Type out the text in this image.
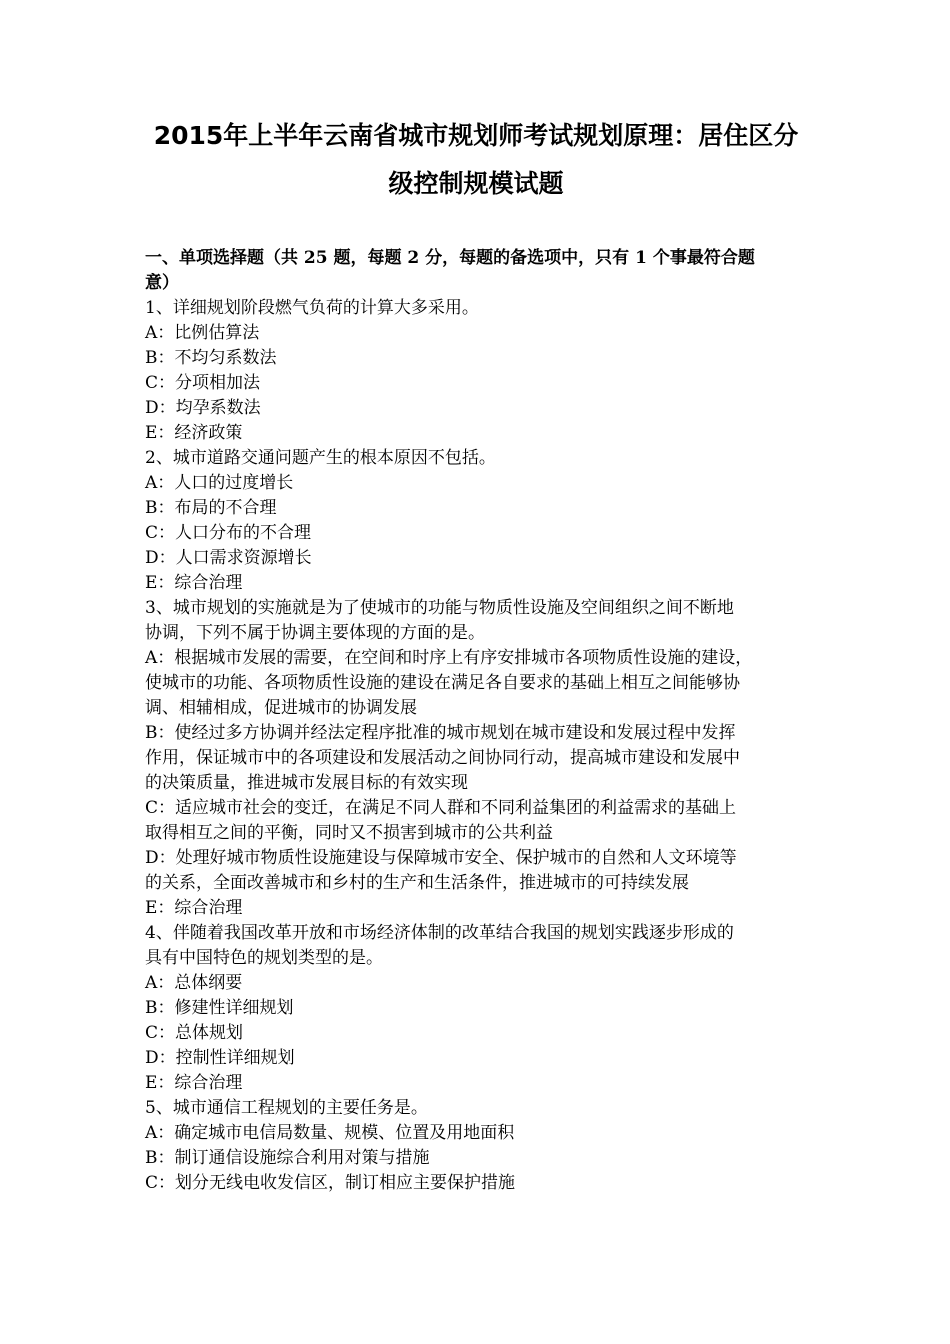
2015年上半年云南省城市规划师考试规划原理：居住区分
级控制规模试题

一、单项选择题（共 25 题，每题 2 分，每题的备选项中，只有 1 个事最符合题
意）

1、详细规划阶段燃气负荷的计算大多采用。

A：比例估算法

B：不均匀系数法

C：分项相加法

D：均孕系数法

E：经济政策

2、城市道路交通问题产生的根本原因不包括。

A：人口的过度增长

B：布局的不合理

C：人口分布的不合理

D：人口需求资源增长

E：综合治理

3、城市规划的实施就是为了使城市的功能与物质性设施及空间组织之间不断地
协调，下列不属于协调主要体现的方面的是。

A：根据城市发展的需要，在空间和时序上有序安排城市各项物质性设施的建设，
使城市的功能、各项物质性设施的建设在满足各自要求的基础上相互之间能够协
调、相辅相成，促进城市的协调发展

B：使经过多方协调并经法定程序批准的城市规划在城市建设和发展过程中发挥
作用，保证城市中的各项建设和发展活动之间协同行动，提高城市建设和发展中
的决策质量，推进城市发展目标的有效实现

C：适应城市社会的变迁，在满足不同人群和不同利益集团的利益需求的基础上
取得相互之间的平衡，同时又不损害到城市的公共利益

D：处理好城市物质性设施建设与保障城市安全、保护城市的自然和人文环境等
的关系，全面改善城市和乡村的生产和生活条件，推进城市的可持续发展

E：综合治理

4、伴随着我国改革开放和市场经济体制的改革结合我国的规划实践逐步形成的
具有中国特色的规划类型的是。

A：总体纲要

B：修建性详细规划

C：总体规划

D：控制性详细规划

E：综合治理

5、城市通信工程规划的主要任务是。

A：确定城市电信局数量、规模、位置及用地面积

B：制订通信设施综合利用对策与措施

C：划分无线电收发信区，制订相应主要保护措施
